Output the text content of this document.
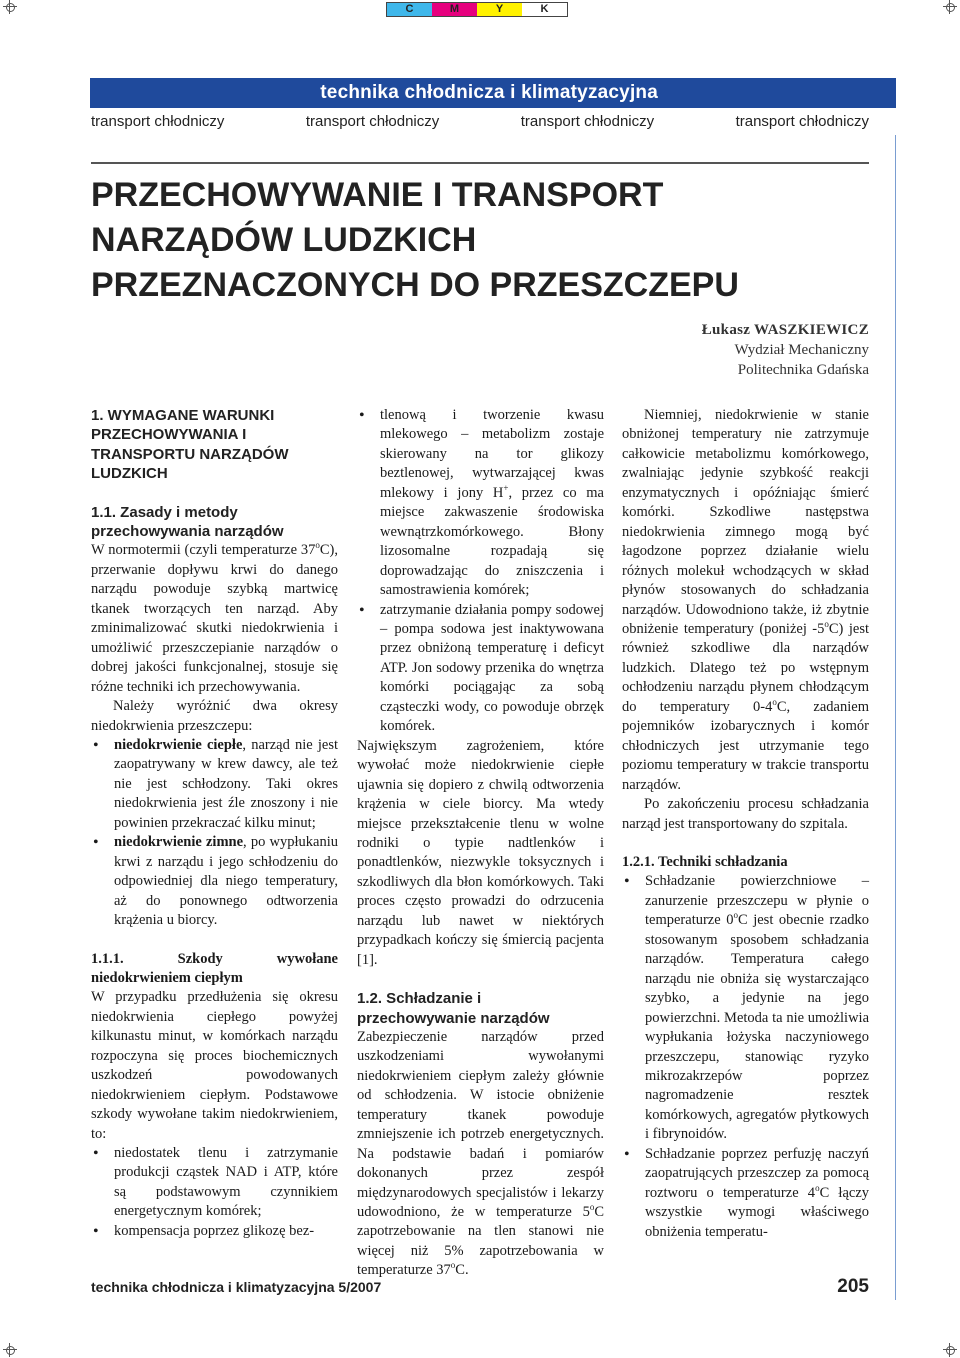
C	M	Y	K
technika chłodnicza i klimatyzacyjna
transport chłodniczy	transport chłodniczy	transport chłodniczy	transport chłodniczy
PRZECHOWYWANIE I TRANSPORT
NARZĄDÓW LUDZKICH
PRZEZNACZONYCH DO PRZESZCZEPU
Łukasz WASZKIEWICZ
Wydział Mechaniczny
Politechnika Gdańska

1. WYMAGANE WARUNKI PRZECHOWYWANIA I TRANSPORTU NARZĄDÓW LUDZKICH

1.1. Zasady i metody przechowywania narządów

W normotermii (czyli temperaturze 37$^o$C), przerwanie dopływu krwi do danego narządu powoduje szybką martwicę tkanek tworzących ten narząd. Aby zminimalizować skutki niedokrwienia i umożliwić przeszczepianie narządów o dobrej jakości funkcjonalnej, stosuje się różne techniki ich przechowywania.

Należy wyróżnić dwa okresy niedokrwienia przeszczepu:

• niedokrwienie ciepłe, narząd nie jest zaopatrywany w krew dawcy, ale też nie jest schłodzony. Taki okres niedokrwienia jest źle znoszony i nie powinien przekraczać kilku minut;
• niedokrwienie zimne, po wypłukaniu krwi z narządu i jego schłodzeniu do odpowiedniej dla niego temperatury, aż do ponownego odtworzenia krążenia u biorcy.

1.1.1. Szkody wywołane niedokrwieniem ciepłym

W przypadku przedłużenia się okresu niedokrwienia ciepłego powyżej kilkunastu minut, w komórkach narządu rozpoczyna się proces biochemicznych uszkodzeń powodowanych niedokrwieniem ciepłym. Podstawowe szkody wywołane takim niedokrwieniem, to:

• niedostatek tlenu i zatrzymanie produkcji cząstek NAD i ATP, które są podstawowym czynnikiem energetycznym komórek;
• kompensacja poprzez glikozę bez-
• tlenową i tworzenie kwasu mlekowego – metabolizm zostaje skierowany na tor glikozy beztlenowej, wytwarzającej kwas mlekowy i jony H+, przez co ma miejsce zakwaszenie środowiska wewnątrzkomórkowego. Błony lizosomalne rozpadają się doprowadzając do zniszczenia i samostrawienia komórek;
• zatrzymanie działania pompy sodowej – pompa sodowa jest inaktywowana przez obniżoną temperaturę i deficyt ATP. Jon sodowy przenika do wnętrza komórki pociągając za sobą cząsteczki wody, co powoduje obrzęk komórek.

Największym zagrożeniem, które wywołać może niedokrwienie ciepłe ujawnia się dopiero z chwilą odtworzenia krążenia w ciele biorcy. Ma wtedy miejsce przekształcenie tlenu w wolne rodniki o typie nadtlenków i ponadtlenków, niezwykle toksycznych i szkodliwych dla błon komórkowych. Taki proces często prowadzi do odrzucenia narządu lub nawet w niektórych przypadkach kończy się śmiercią pacjenta [1].

1.2. Schładzanie i przechowywanie narządów

Zabezpieczenie narządów przed uszkodzeniami wywołanymi niedokrwieniem ciepłym zależy głównie od schłodzenia. W istocie obniżenie temperatury tkanek powoduje zmniejszenie ich potrzeb energetycznych. Na podstawie badań i pomiarów dokonanych przez zespół międzynarodowych specjalistów i lekarzy udowodniono, że w temperaturze 5$^o$C zapotrzebowanie na tlen stanowi nie więcej niż 5% zapotrzebowania w temperaturze 37$^o$C.

Niemniej, niedokrwienie w stanie obniżonej temperatury nie zatrzymuje całkowicie metabolizmu komórkowego, zwalniając jedynie szybkość reakcji enzymatycznych i opóźniając śmierć komórki. Szkodliwe następstwa niedokrwienia zimnego mogą być łagodzone poprzez działanie wielu różnych molekuł wchodzących w skład płynów stosowanych do schładzania narządów. Udowodniono także, iż zbytnie obniżenie temperatury (poniżej -5$^o$C) jest również szkodliwe dla narządów ludzkich. Dlatego też po wstępnym ochłodzeniu narządu płynem chłodzącym do temperatury 0-4$^o$C, zadaniem pojemników izobarycznych i komór chłodniczych jest utrzymanie tego poziomu temperatury w trakcie transportu narządów.

Po zakończeniu procesu schładzania narząd jest transportowany do szpitala.

1.2.1. Techniki schładzania

• Schładzanie powierzchniowe – zanurzenie przeszczepu w płynie o temperaturze 0$^o$C jest obecnie rzadko stosowanym sposobem schładzania narządów. Temperatura całego narządu nie obniża się wystarczająco szybko, a jedynie na jego powierzchni. Metoda ta nie umożliwia wypłukania łożyska naczyniowego przeszczepu, stanowiąc ryzyko mikrozakrzepów poprzez nagromadzenie resztek komórkowych, agregatów płytkowych i fibrynoidów.
• Schładzanie poprzez perfuzję naczyń zaopatrujących przeszczep za pomocą roztworu o temperaturze 4$^o$C łączy wszystkie wymogi właściwego obniżenia temperatu-
technika chłodnicza i klimatyzacyjna 5/2007	205
